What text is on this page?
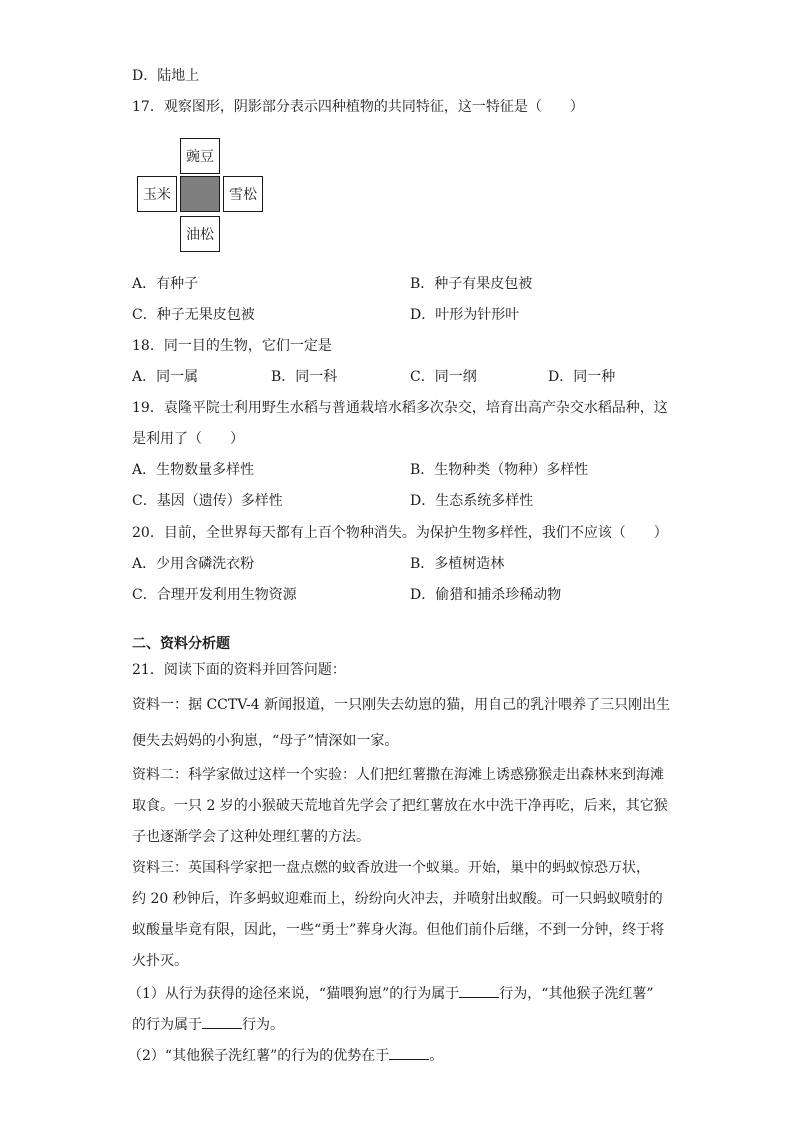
D．陆地上
17．观察图形，阴影部分表示四种植物的共同特征，这一特征是（　　）
豌豆
玉米	雪松
油松
A．有种子	B．种子有果皮包被
C．种子无果皮包被	D．叶形为针形叶
18．同一目的生物，它们一定是
A．同一属	B．同一科	C．同一纲	D．同一种
19．袁隆平院士利用野生水稻与普通栽培水稻多次杂交，培育出高产杂交水稻品种，这
是利用了（　　）
A．生物数量多样性	B．生物种类（物种）多样性
C．基因（遗传）多样性	D．生态系统多样性
20．目前，全世界每天都有上百个物种消失。为保护生物多样性，我们不应该（　　）
A．少用含磷洗衣粉	B．多植树造林
C．合理开发利用生物资源	D．偷猎和捕杀珍稀动物
二、资料分析题
21．阅读下面的资料并回答问题：
资料一：据 CCTV-4 新闻报道，一只刚失去幼崽的猫，用自己的乳汁喂养了三只刚出生
便失去妈妈的小狗崽，“母子”情深如一家。
资料二：科学家做过这样一个实验：人们把红薯撒在海滩上诱惑猕猴走出森林来到海滩
取食。一只 2 岁的小猴破天荒地首先学会了把红薯放在水中洗干净再吃，后来，其它猴
子也逐渐学会了这种处理红薯的方法。
资料三：英国科学家把一盘点燃的蚊香放进一个蚁巢。开始，巢中的蚂蚁惊恐万状，
约 20 秒钟后，许多蚂蚁迎难而上，纷纷向火冲去，并喷射出蚁酸。可一只蚂蚁喷射的
蚁酸量毕竟有限，因此，一些“勇士”葬身火海。但他们前仆后继，不到一分钟，终于将
火扑灭。
（1）从行为获得的途径来说，“猫喂狗崽”的行为属于	行为，“其他猴子洗红薯”
的行为属于	行为。
（2）“其他猴子洗红薯”的行为的优势在于	。
